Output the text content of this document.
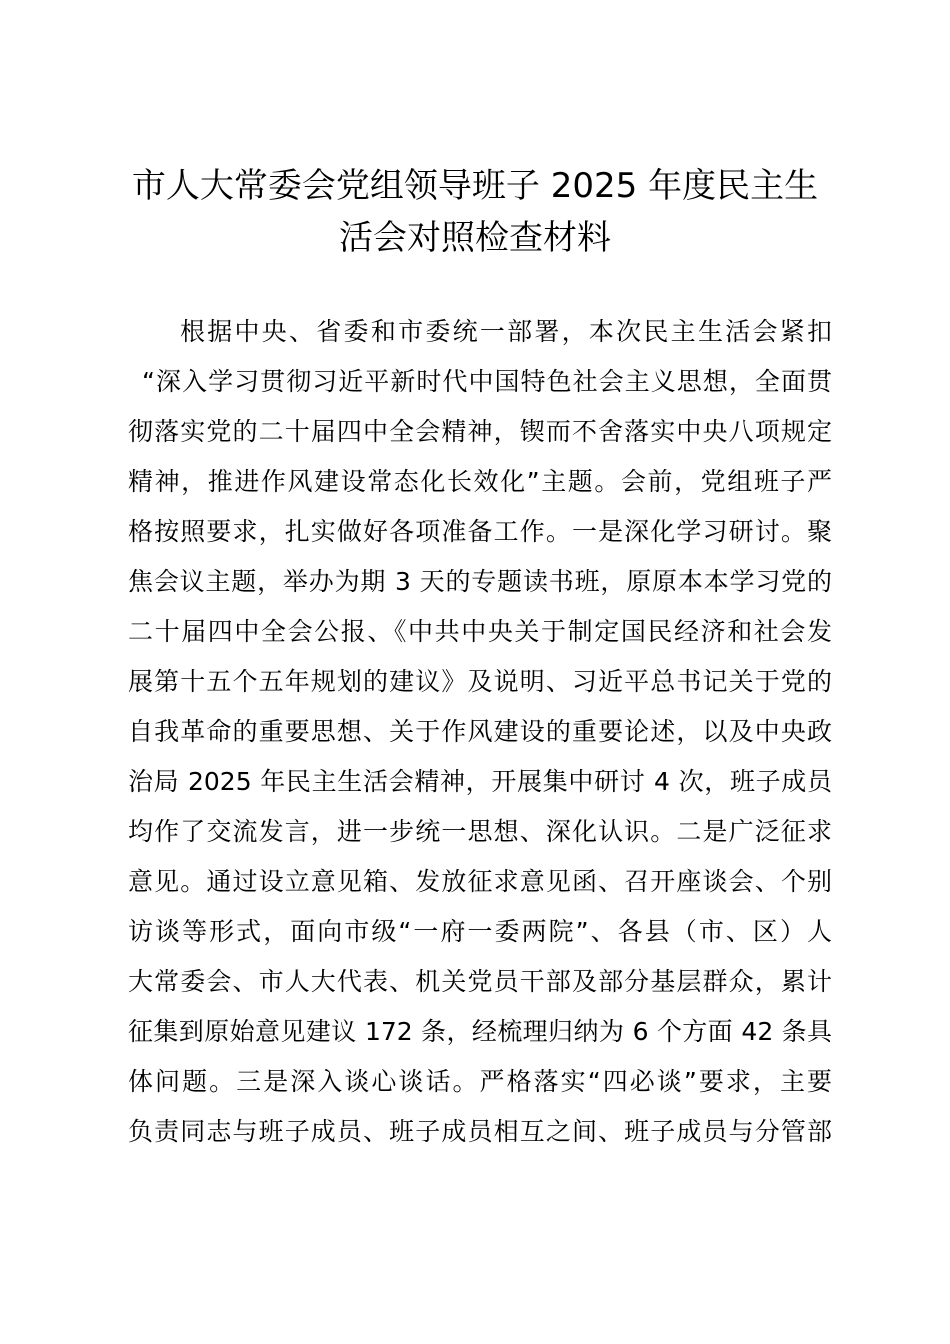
市人大常委会党组领导班子 2025 年度民主生
活会对照检查材料
根据中央、省委和市委统一部署，本次民主生活会紧扣
“深入学习贯彻习近平新时代中国特色社会主义思想，全面贯
彻落实党的二十届四中全会精神，锲而不舍落实中央八项规定
精神，推进作风建设常态化长效化”主题。会前，党组班子严
格按照要求，扎实做好各项准备工作。一是深化学习研讨。聚
焦会议主题，举办为期 3 天的专题读书班，原原本本学习党的
二十届四中全会公报、《中共中央关于制定国民经济和社会发
展第十五个五年规划的建议》及说明、习近平总书记关于党的
自我革命的重要思想、关于作风建设的重要论述，以及中央政
治局 2025 年民主生活会精神，开展集中研讨 4 次，班子成员
均作了交流发言，进一步统一思想、深化认识。二是广泛征求
意见。通过设立意见箱、发放征求意见函、召开座谈会、个别
访谈等形式，面向市级“一府一委两院”、各县（市、区）人
大常委会、市人大代表、机关党员干部及部分基层群众，累计
征集到原始意见建议 172 条，经梳理归纳为 6 个方面 42 条具
体问题。三是深入谈心谈话。严格落实“四必谈”要求，主要
负责同志与班子成员、班子成员相互之间、班子成员与分管部
